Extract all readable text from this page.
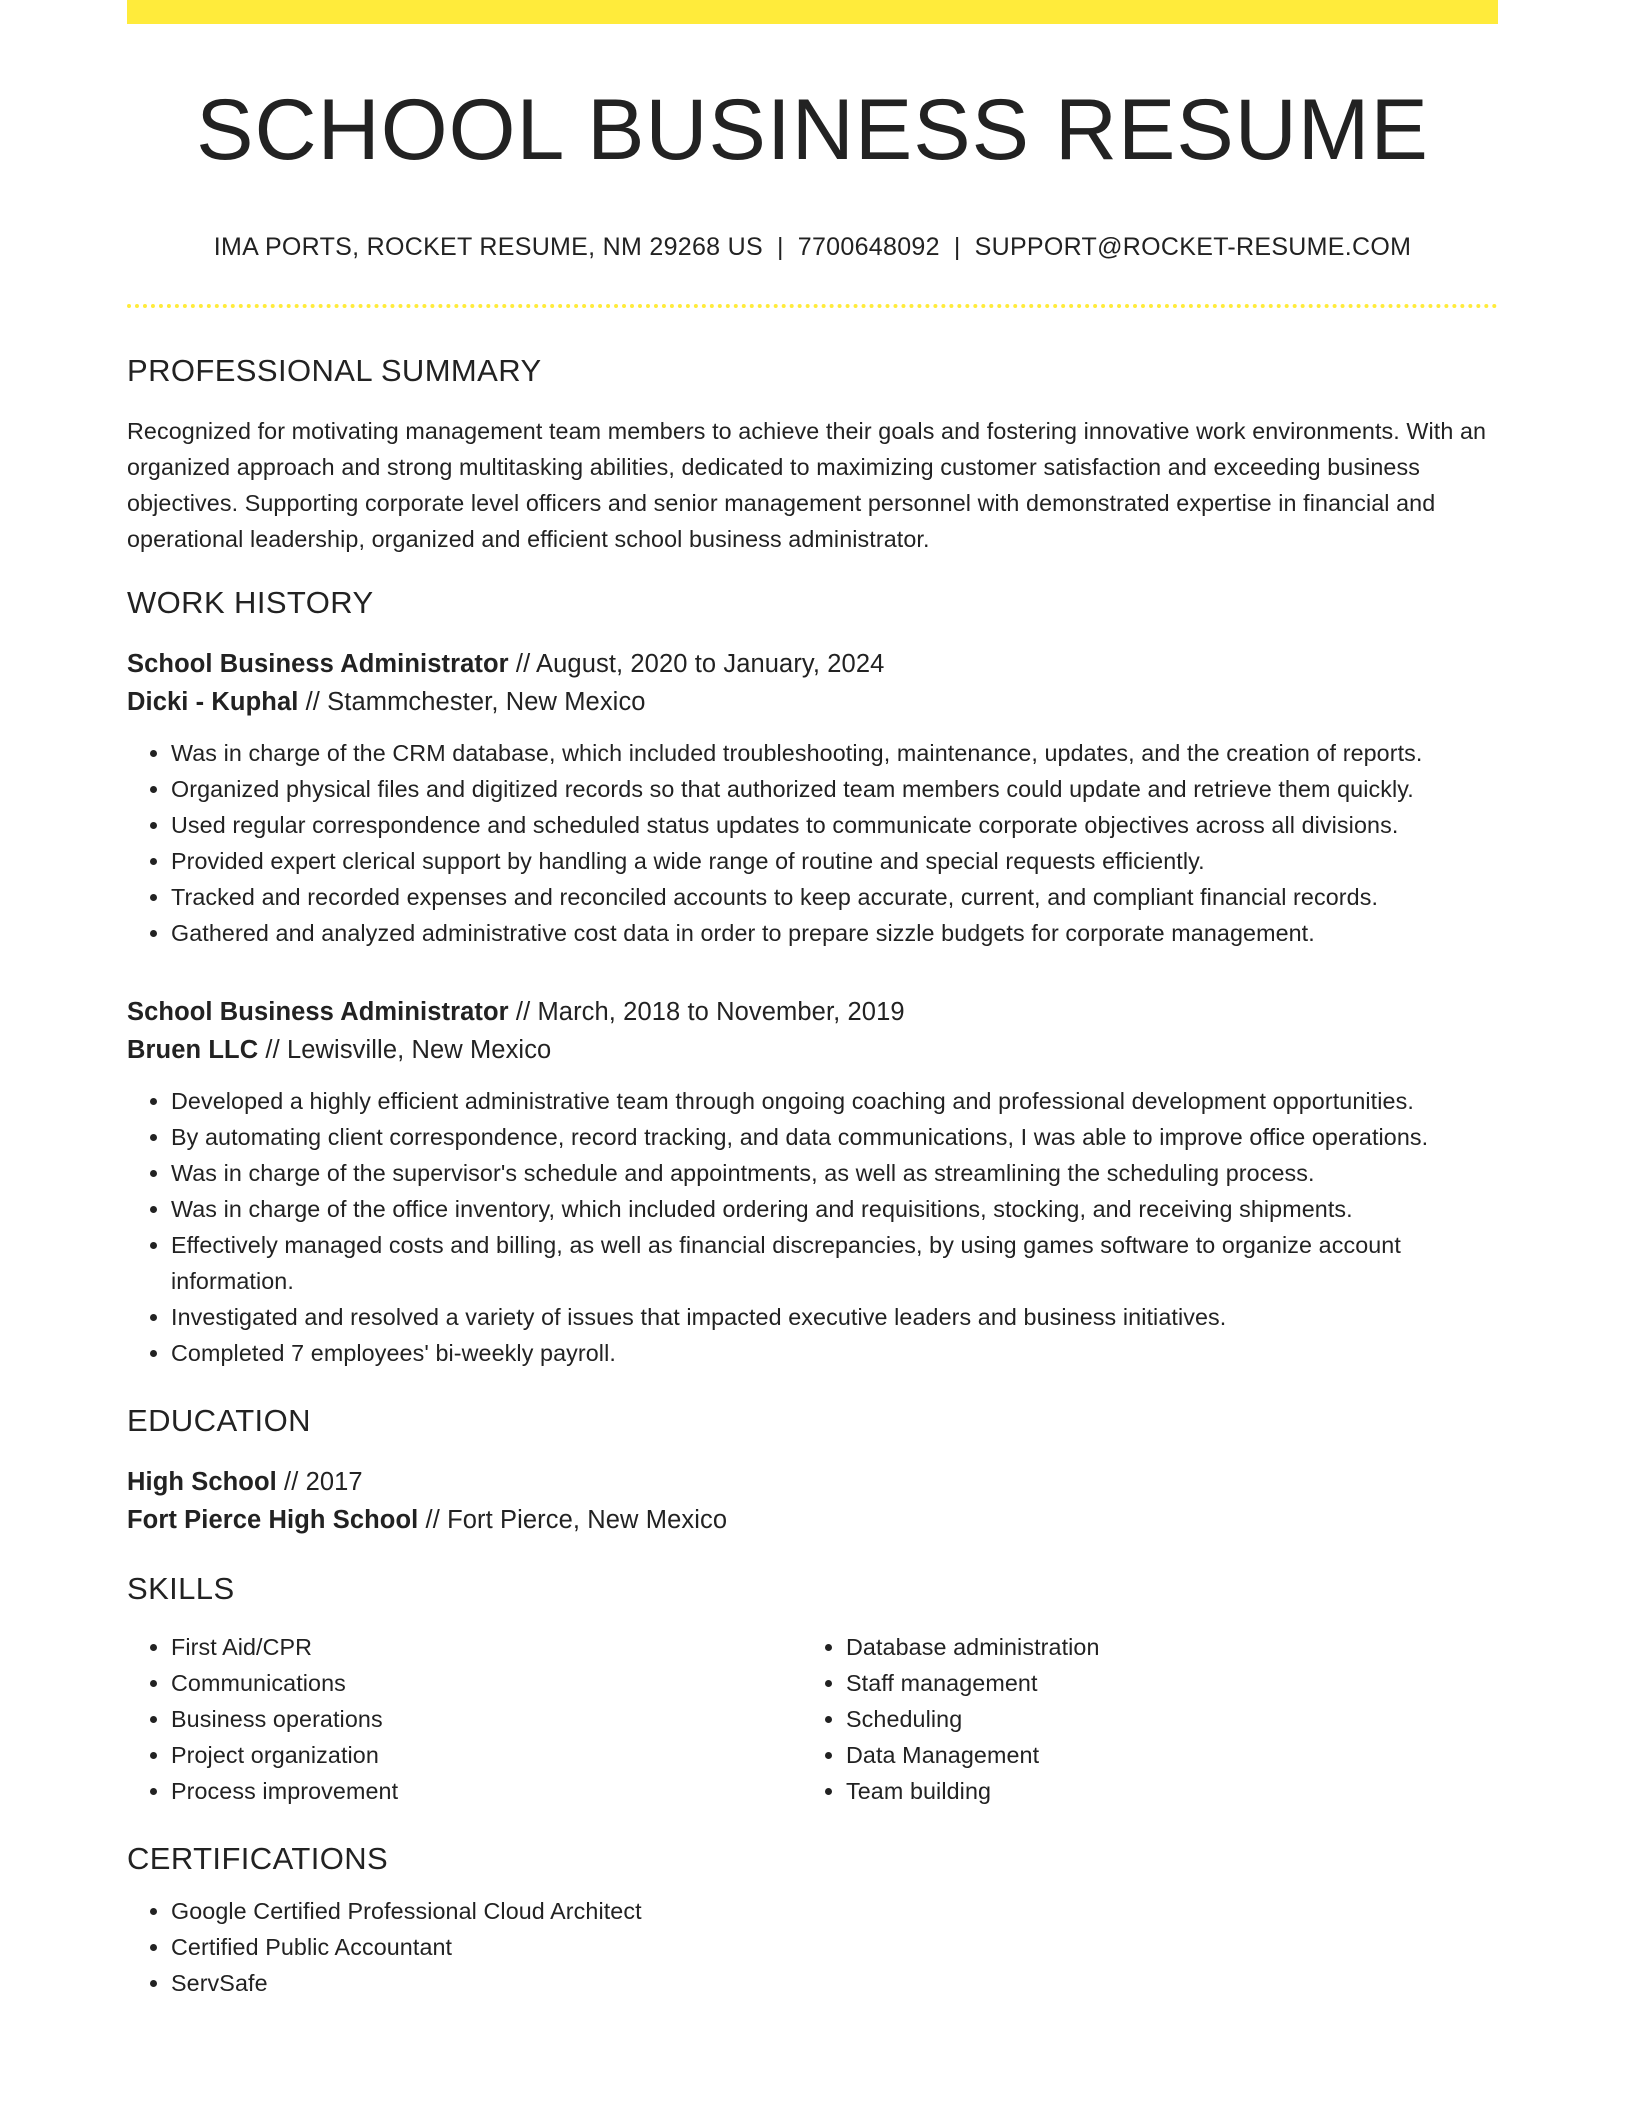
SCHOOL BUSINESS RESUME
IMA PORTS, ROCKET RESUME, NM 29268 US | 7700648092 | SUPPORT@ROCKET-RESUME.COM
PROFESSIONAL SUMMARY

Recognized for motivating management team members to achieve their goals and fostering innovative work environments. With an organized approach and strong multitasking abilities, dedicated to maximizing customer satisfaction and exceeding business objectives. Supporting corporate level officers and senior management personnel with demonstrated expertise in financial and operational leadership, organized and efficient school business administrator.

WORK HISTORY
School Business Administrator // August, 2020 to January, 2024
Dicki - Kuphal // Stammchester, New Mexico
• Was in charge of the CRM database, which included troubleshooting, maintenance, updates, and the creation of reports.
• Organized physical files and digitized records so that authorized team members could update and retrieve them quickly.
• Used regular correspondence and scheduled status updates to communicate corporate objectives across all divisions.
• Provided expert clerical support by handling a wide range of routine and special requests efficiently.
• Tracked and recorded expenses and reconciled accounts to keep accurate, current, and compliant financial records.
• Gathered and analyzed administrative cost data in order to prepare sizzle budgets for corporate management.
School Business Administrator // March, 2018 to November, 2019
Bruen LLC // Lewisville, New Mexico
• Developed a highly efficient administrative team through ongoing coaching and professional development opportunities.
• By automating client correspondence, record tracking, and data communications, I was able to improve office operations.
• Was in charge of the supervisor's schedule and appointments, as well as streamlining the scheduling process.
• Was in charge of the office inventory, which included ordering and requisitions, stocking, and receiving shipments.
• Effectively managed costs and billing, as well as financial discrepancies, by using games software to organize account information.
• Investigated and resolved a variety of issues that impacted executive leaders and business initiatives.
• Completed 7 employees' bi-weekly payroll.
EDUCATION
High School // 2017
Fort Pierce High School // Fort Pierce, New Mexico
SKILLS
• First Aid/CPR
• Communications
• Business operations
• Project organization
• Process improvement
• Database administration
• Staff management
• Scheduling
• Data Management
• Team building
CERTIFICATIONS
• Google Certified Professional Cloud Architect
• Certified Public Accountant
• ServSafe
